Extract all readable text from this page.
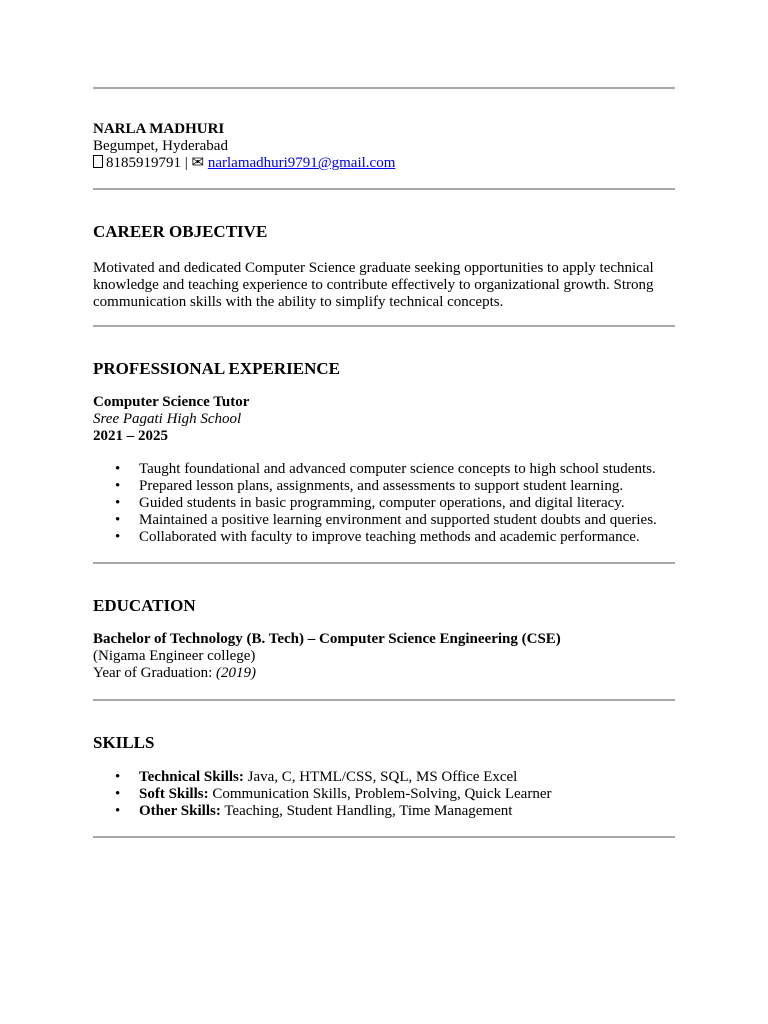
NARLA MADHURI
Begumpet, Hyderabad
8185919791 | ✉ narlamadhuri9791@gmail.com
CAREER OBJECTIVE
Motivated and dedicated Computer Science graduate seeking opportunities to apply technical
knowledge and teaching experience to contribute effectively to organizational growth. Strong
communication skills with the ability to simplify technical concepts.
PROFESSIONAL EXPERIENCE
Computer Science Tutor
Sree Pagati High School
2021 – 2025
• Taught foundational and advanced computer science concepts to high school students.
• Prepared lesson plans, assignments, and assessments to support student learning.
• Guided students in basic programming, computer operations, and digital literacy.
• Maintained a positive learning environment and supported student doubts and queries.
• Collaborated with faculty to improve teaching methods and academic performance.
EDUCATION
Bachelor of Technology (B. Tech) – Computer Science Engineering (CSE)
(Nigama Engineer college)
Year of Graduation: (2019)
SKILLS
• Technical Skills: Java, C, HTML/CSS, SQL, MS Office Excel
• Soft Skills: Communication Skills, Problem-Solving, Quick Learner
• Other Skills: Teaching, Student Handling, Time Management
